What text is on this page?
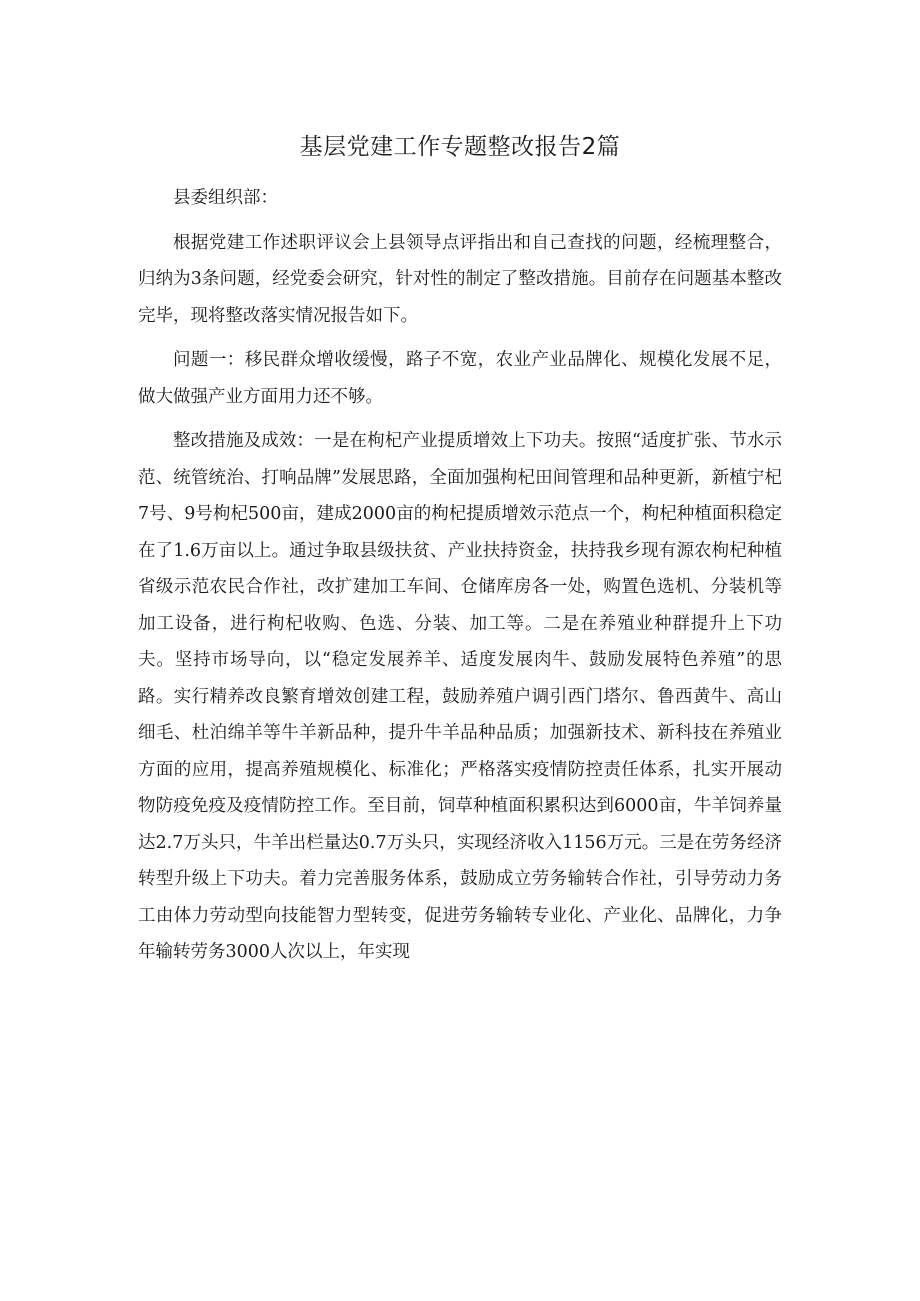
基层党建工作专题整改报告2篇

县委组织部：

根据党建工作述职评议会上县领导点评指出和自己查找的问题，经梳理整合，归纳为3条问题，经党委会研究，针对性的制定了整改措施。目前存在问题基本整改完毕，现将整改落实情况报告如下。

问题一：移民群众增收缓慢，路子不宽，农业产业品牌化、规模化发展不足，做大做强产业方面用力还不够。

整改措施及成效：一是在枸杞产业提质增效上下功夫。按照“适度扩张、节水示范、统管统治、打响品牌”发展思路，全面加强枸杞田间管理和品种更新，新植宁杞7号、9号枸杞500亩，建成2000亩的枸杞提质增效示范点一个，枸杞种植面积稳定在了1.6万亩以上。通过争取县级扶贫、产业扶持资金，扶持我乡现有源农枸杞种植省级示范农民合作社，改扩建加工车间、仓储库房各一处，购置色选机、分装机等加工设备，进行枸杞收购、色选、分装、加工等。二是在养殖业种群提升上下功夫。坚持市场导向，以“稳定发展养羊、适度发展肉牛、鼓励发展特色养殖”的思路。实行精养改良繁育增效创建工程，鼓励养殖户调引西门塔尔、鲁西黄牛、高山细毛、杜泊绵羊等牛羊新品种，提升牛羊品种品质；加强新技术、新科技在养殖业方面的应用，提高养殖规模化、标准化；严格落实疫情防控责任体系，扎实开展动物防疫免疫及疫情防控工作。至目前，饲草种植面积累积达到6000亩，牛羊饲养量达2.7万头只，牛羊出栏量达0.7万头只，实现经济收入1156万元。三是在劳务经济转型升级上下功夫。着力完善服务体系，鼓励成立劳务输转合作社，引导劳动力务工由体力劳动型向技能智力型转变，促进劳务输转专业化、产业化、品牌化，力争年输转劳务3000人次以上，年实现
